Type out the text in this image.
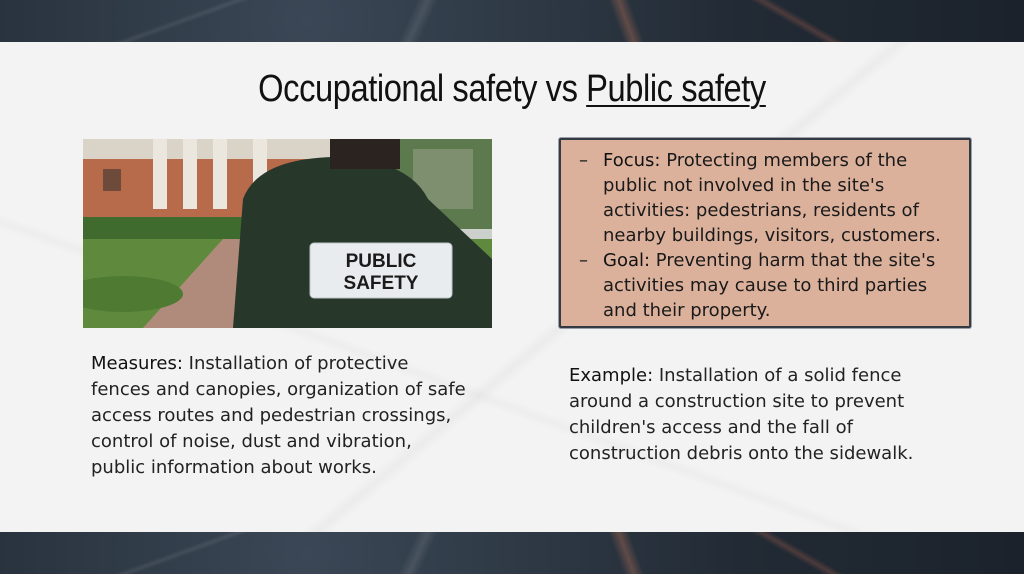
Occupational safety vs Public safety
PUBLIC
SAFETY
– Focus: Protecting members of the public not involved in the site's activities: pedestrians, residents of nearby buildings, visitors, customers.
– Goal: Preventing harm that the site's activities may cause to third parties and their property.
Measures: Installation of protective fences and canopies, organization of safe access routes and pedestrian crossings, control of noise, dust and vibration, public information about works.
Example: Installation of a solid fence around a construction site to prevent children's access and the fall of construction debris onto the sidewalk.
